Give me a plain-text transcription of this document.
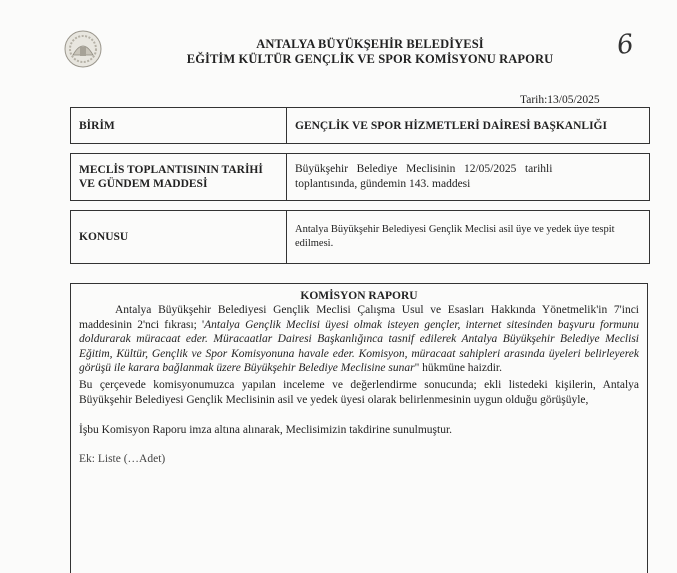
ANTALYA BÜYÜKŞEHİR BELEDİYESİ
EĞİTİM KÜLTÜR GENÇLİK VE SPOR KOMİSYONU RAPORU	6
Tarih:13/05/2025
BİRİM	GENÇLİK VE SPOR HİZMETLERİ DAİRESİ BAŞKANLIĞI
MECLİS TOPLANTISININ TARİHİ
VE GÜNDEM MADDESİ
Büyükşehir   Belediye   Meclisinin   12/05/2025   tarihli
toplantısında, gündemin 143. maddesi
KONUSU
Antalya Büyükşehir Belediyesi Gençlik Meclisi asil üye ve yedek üye tespit edilmesi.
KOMİSYON RAPORU
Antalya Büyükşehir Belediyesi Gençlik Meclisi Çalışma Usul ve Esasları Hakkında Yönetmelik'in 7'inci maddesinin 2'nci fıkrası; 'Antalya Gençlik Meclisi üyesi olmak isteyen gençler, internet sitesinden başvuru formunu doldurarak müracaat eder. Müracaatlar Dairesi Başkanlığınca tasnif edilerek Antalya Büyükşehir Belediye Meclisi Eğitim, Kültür, Gençlik ve Spor Komisyonuna havale eder. Komisyon, müracaat sahipleri arasında üyeleri belirleyerek görüşü ile karara bağlanmak üzere Büyükşehir Belediye Meclisine sunar" hükmüne haizdir.
Bu çerçevede komisyonumuzca yapılan inceleme ve değerlendirme sonucunda; ekli listedeki kişilerin, Antalya Büyükşehir Belediyesi Gençlik Meclisinin asil ve yedek üyesi olarak belirlenmesinin uygun olduğu görüşüyle,
İşbu Komisyon Raporu imza altına alınarak, Meclisimizin takdirine sunulmuştur.
Ek: Liste (…Adet)
